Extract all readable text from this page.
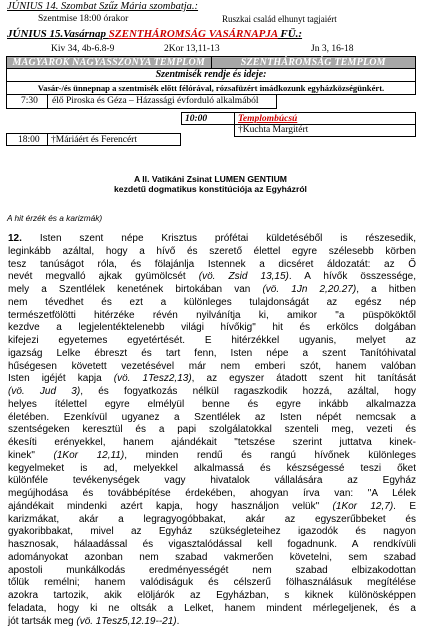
JÚNIUS 14. Szombat Szűz Mária szombatja.:
Szentmise 18:00 órakor	Ruszkai család elhunyt tagjaiért
JÚNIUS 15.Vasárnap SZENTHÁROMSÁG VASÁRNAPJA FÜ.:
Kiv 34, 4b-6.8-9	2Kor 13,11-13	Jn 3, 16-18
MAGYAROK NAGYASSZONYA TEMPLOM	SZENTHÁROMSÁG TEMPLOM
Szentmisék rendje és ideje:
Vasár-/és ünnepnap a szentmisék előtt félórával, rózsafüzért imádkozunk egyházközségünkért.
7:30	élő Piroska és Géza – Házassági évforduló alkalmából
10:00	Templombúcsú
†Kuchta Margitért
18:00	†Máriáért és Ferencért
A II. Vatikáni Zsinat LUMEN GENTIUM
kezdetű dogmatikus konstitúciója az Egyházról
A hit érzék és a karizmák)
12. Isten szent népe Krisztus prófétai küldetéséből is részesedik,
leginkább azáltal, hogy a hívő és szerető élettel egyre szélesebb körben
tesz tanúságot róla, és fölajánlja Istennek a dicséret áldozatát: az Ő
nevét megvalló ajkak gyümölcsét (vö. Zsid 13,15). A hívők összessége,
mely a Szentlélek kenetének birtokában van (vö. 1Jn 2,20.27), a hitben
nem tévedhet és ezt a különleges tulajdonságát az egész nép
természetfölötti hitérzéke révén nyilvánítja ki, amikor "a püspököktől
kezdve a legjelentéktelenebb világi hívőkig" hit és erkölcs dolgában
kifejezi egyetemes egyetértését. E hitérzékkel ugyanis, melyet az
igazság Lelke ébreszt és tart fenn, Isten népe a szent Tanítóhivatal
hűségesen követett vezetésével már nem emberi szót, hanem valóban
Isten igéjét kapja (vö. 1Tesz2,13), az egyszer átadott szent hit tanítását
(vö. Jud 3), és fogyatkozás nélkül ragaszkodik hozzá, azáltal, hogy
helyes ítélettel egyre elmélyül benne és egyre inkább alkalmazza
életében. Ezenkívül ugyanez a Szentlélek az Isten népét nemcsak a
szentségeken keresztül és a papi szolgálatokkal szenteli meg, vezeti és
ékesíti erényekkel, hanem ajándékait "tetszése szerint juttatva kinek-
kinek" (1Kor 12,11), minden rendű és rangú hívőnek különleges
kegyelmeket is ad, melyekkel alkalmassá és készségessé teszi őket
különféle tevékenységek vagy hivatalok vállalására az Egyház
megújhodása és továbbépítése érdekében, ahogyan írva van: "A Lélek
ajándékait mindenki azért kapja, hogy használjon velük" (1Kor 12,7). E
karizmákat, akár a legragyogóbbakat, akár az egyszerűbbeket és
gyakoribbakat, mivel az Egyház szükségleteihez igazodók és nagyon
hasznosak, hálaadással és vigasztalódással kell fogadnunk. A rendkívüli
adományokat azonban nem szabad vakmerően követelni, sem szabad
apostoli munkálkodás eredményességét nem szabad elbizakodottan
tőlük remélni; hanem valódiságuk és célszerű fölhasználásuk megítélése
azokra tartozik, akik elöljárók az Egyházban, s kiknek különösképpen
feladata, hogy ki ne oltsák a Lelket, hanem mindent mérlegeljenek, és a
jót tartsák meg (vö. 1Tesz5,12.19--21).
